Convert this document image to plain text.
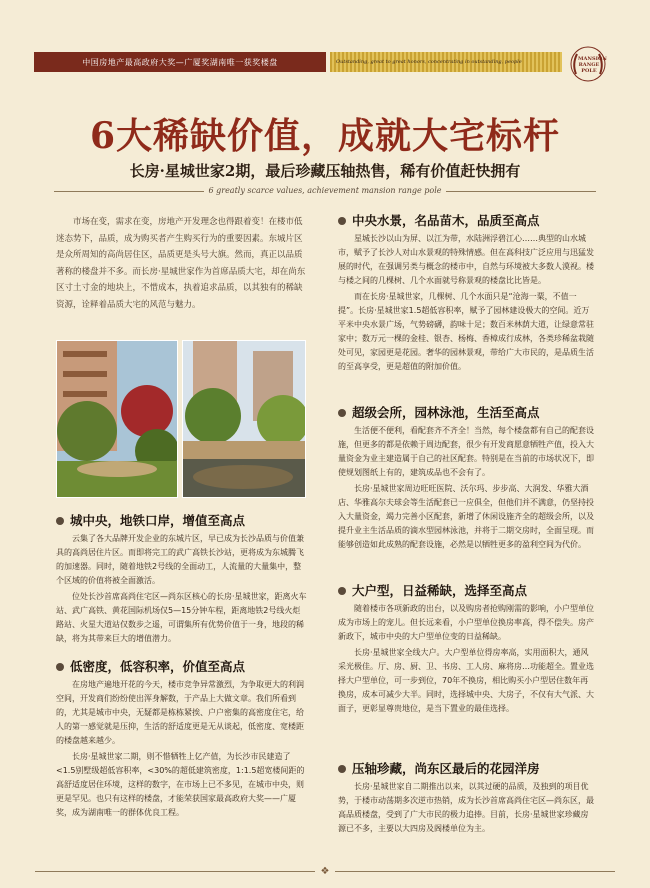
中国房地产最高政府大奖—广厦奖湖南唯一获奖楼盘	Outstanding, great to great honors, concentrating in outstanding, people	MANSION
RANGE
POLE
6大稀缺价值，成就大宅标杆
长房·星城世家2期，最后珍藏压轴热售，稀有价值赶快拥有
6 greatly scarce values, achievement mansion range pole

市场在变，需求在变，房地产开发理念也得跟着变！在楼市低迷态势下，品质，成为购买者产生购买行为的重要因素。东城片区是众所周知的高尚居住区，品质更是头号大旗。然而，真正以品质著称的楼盘并不多。而长房·星城世家作为首席品质大宅，却在尚东区寸土寸金的地块上，不惜成本，执着追求品质，以其独有的稀缺资源，诠释着品质大宅的风范与魅力。

城中央，地铁口岸，增值至高点

云集了各大品牌开发企业的东城片区，早已成为长沙品质与价值兼具的高尚居住片区。而即将完工的武广高铁长沙站，更将成为东城腾飞的加速器。同时，随着地铁2号线的全面动工，人流量的大量集中，整个区域的价值将被全面激活。

位处长沙首席高尚住宅区—尚东区核心的长房·星城世家，距离火车站、武广高铁、黄花国际机场仅5—15分钟车程，距离地铁2号线火炬路站、火星大道站仅数步之遥，可谓集所有优势价值于一身，地段的稀缺，将为其带来巨大的增值潜力。

低密度，低容积率，价值至高点

在房地产遍地开花的今天，楼市竞争异常激烈，为争取更大的利润空间，开发商们纷纷使出浑身解数，于产品上大做文章。我们所看到的，尤其是城市中央，无疑都是栋栋紧挨、户户密集的高密度住宅，给人的第一感觉就是压抑，生活的舒适度更是无从谈起，低密度、宽楼距的楼盘越来越少。

长房·星城世家二期，则不惜牺牲上亿产值，为长沙市民建造了<1.5别墅级超低容积率，<30%的超低建筑密度，1:1.5超宽楼间距的高舒适度居住环境，这样的数字，在市场上已不多见，在城市中央，则更是罕见。也只有这样的楼盘，才能荣获国家最高政府大奖——广厦奖，成为湖南唯一的群体优良工程。

中央水景，名品苗木，品质至高点

星城长沙以山为屏、以江为带，水陆洲浮碧江心……典型的山水城市，赋予了长沙人对山水景观的特殊情感。但在高科技广泛应用与迅猛发展的时代，在强调另类与概念的楼市中，自然与环境被大多数人漠视。楼与楼之间的几棵树、几个水面就号称景观的楼盘比比皆是。

而在长房·星城世家，几棵树、几个水面只是“沧海一粟，不值一提”。长房·星城世家1.5超低容积率，赋予了园林建设极大的空间。近万平米中央水景广场，气势磅礴，韵味十足；数百米林荫大道，让绿意常驻家中；数万元一棵的金桂、银杏、杨梅、香樟成行成林，各类珍稀盆栽随处可见，家园更是花园。奢华的园林景观，带给广大市民的，是品质生活的至高享受，更是超值的附加价值。

超级会所，园林泳池，生活至高点

生活便不便利，看配套齐不齐全！当然，每个楼盘都有自己的配套设施，但更多的都是依赖于周边配套，很少有开发商愿意牺牲产值，投入大量资金为业主建造属于自己的社区配套。特别是在当前的市场状况下，即使规划图纸上有的，建筑成品也不会有了。

长房·星城世家周边旺旺医院、沃尔玛、步步高、大润发、华雅大酒店、华雅高尔夫球会等生活配套已一应俱全，但他们并不满意，仍坚持投入大量资金，竭力完善小区配套，新增了休闲设施齐全的超级会所，以及提升业主生活品质的滴水型园林泳池，并将于二期交房时，全面呈现。而能够创造如此成熟的配套设施，必然是以牺牲更多的盈利空间为代价。

大户型，日益稀缺，选择至高点

随着楼市各项新政的出台，以及购房者抢购刚需的影响，小户型单位成为市场上的宠儿。但长远来看，小户型单位换房率高，得不偿失。房产新政下，城市中央的大户型单位变的日益稀缺。

长房·星城世家全线大户。大户型单位得房率高，实用面积大，通风采光极佳。厅、房、厨、卫、书房、工人房、麻将房…功能超全。置业选择大户型单位，可一步到位，70年不换房，相比购买小户型居住数年再换房，成本可减少大半。同时，选择城中央、大房子，不仅有大气派、大面子，更彰显尊贵地位，是当下置业的最佳选择。

压轴珍藏，尚东区最后的花园洋房

长房·星城世家自二期推出以来，以其过硬的品质，及独到的项目优势，于楼市动荡期多次逆市热销，成为长沙首席高尚住宅区—尚东区，最高品质楼盘，受到了广大市民的极力追捧。目前，长房·星城世家珍藏房源已不多，主要以大四房及阁楼单位为主。

❖
